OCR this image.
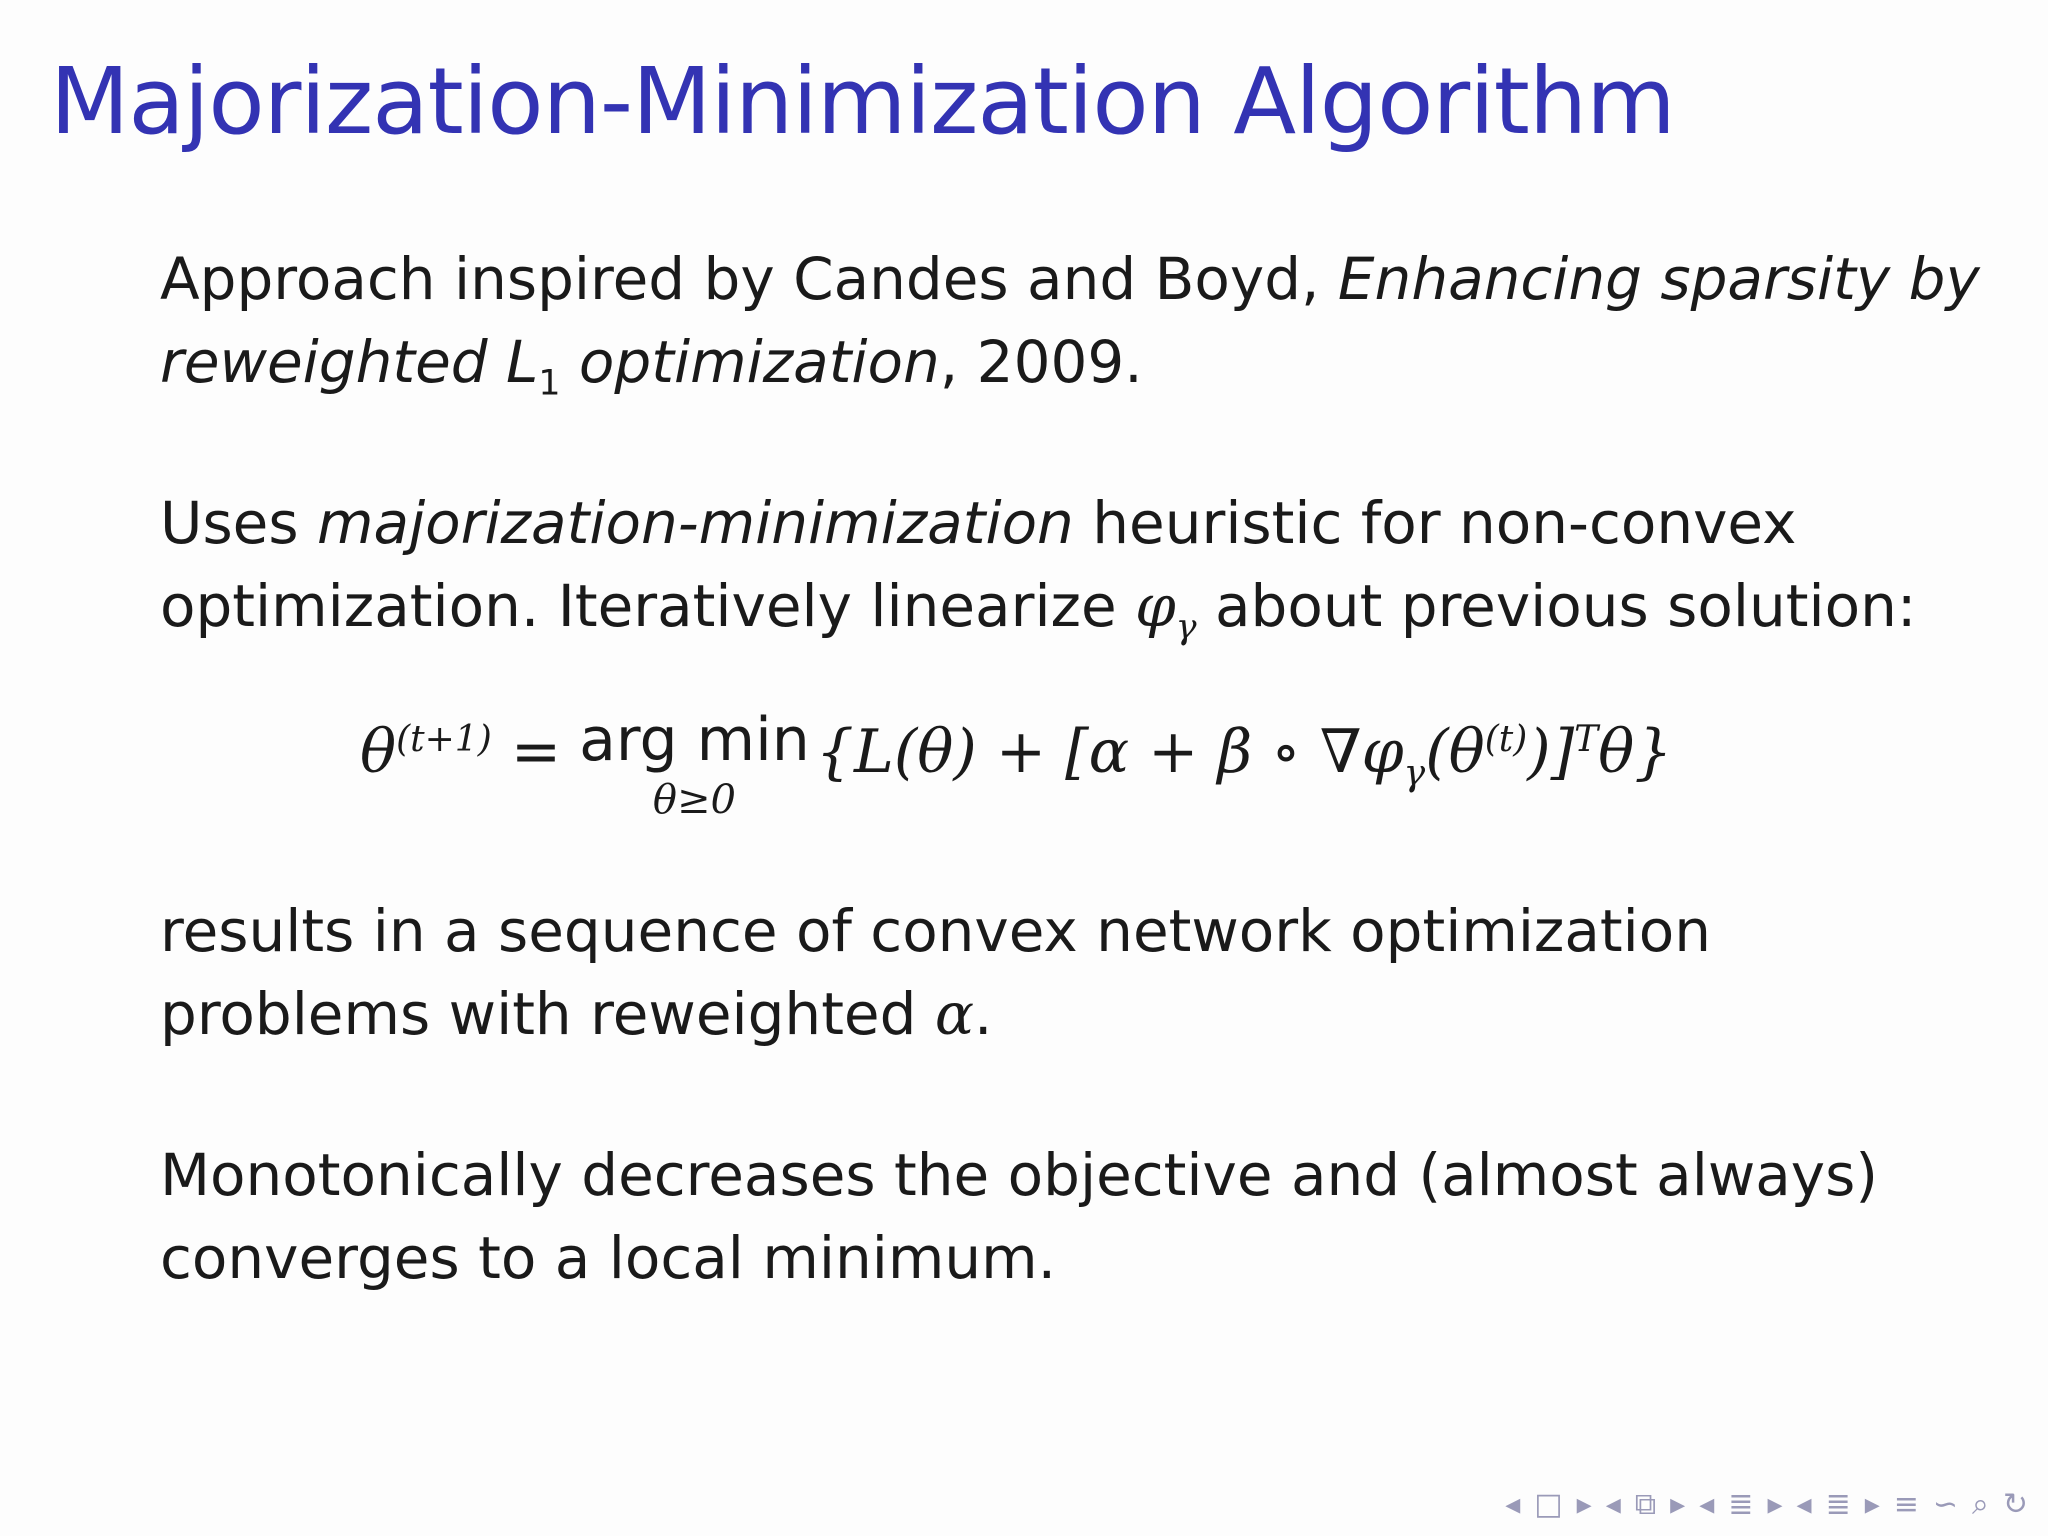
Majorization-Minimization Algorithm

Approach inspired by Candes and Boyd, Enhancing sparsity by reweighted $L_1$ optimization, 2009.

Uses majorization-minimization heuristic for non-convex optimization. Iteratively linearize $\varphi_\gamma$ about previous solution:

$\theta^{(t+1)}$ = arg min
θ≥0
{L(θ) + [α + β ∘ $\nabla\varphi_\gamma(\theta^{(t)})]^T\theta$}

results in a sequence of convex network optimization problems with reweighted α.

Monotonically decreases the objective and (almost always) converges to a local minimum.

◂ □ ▸ ◂ ⧉ ▸ ◂ ≣ ▸ ◂ ≣ ▸ ≡ ∽ ⌕ ↻
